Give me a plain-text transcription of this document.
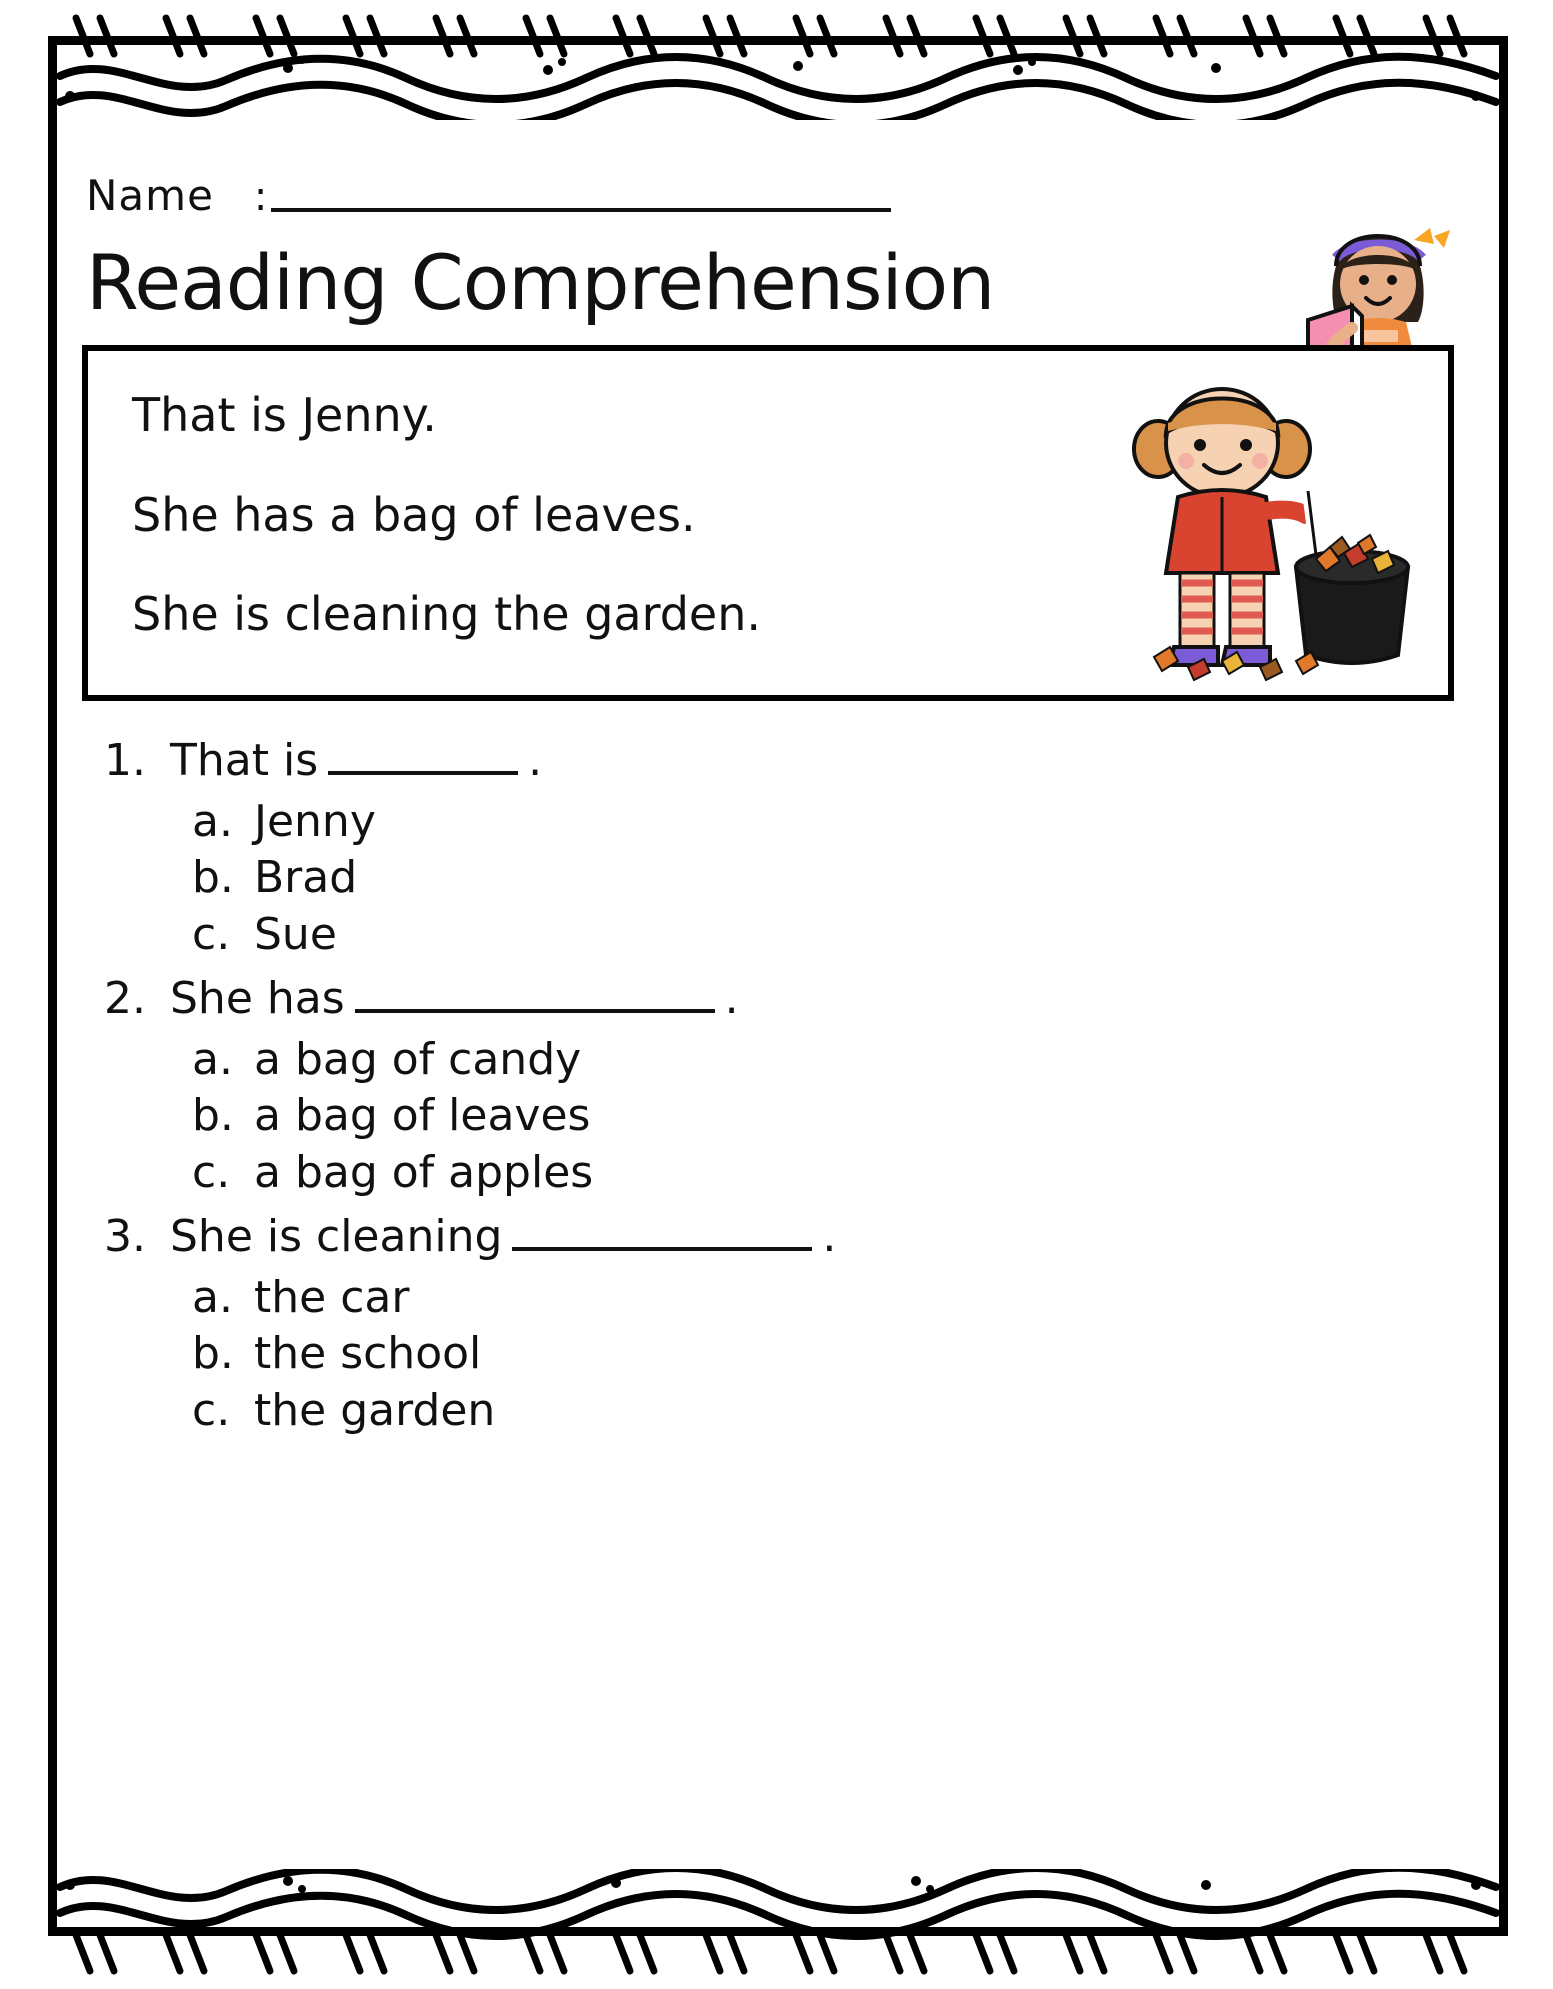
Name :
Reading Comprehension
That is Jenny.
She has a bag of leaves.
She is cleaning the garden.
1. That is	.
a. Jenny
b. Brad
c. Sue
2. She has	.
a. a bag of candy
b. a bag of leaves
c. a bag of apples
3. She is cleaning	.
a. the car
b. the school
c. the garden
